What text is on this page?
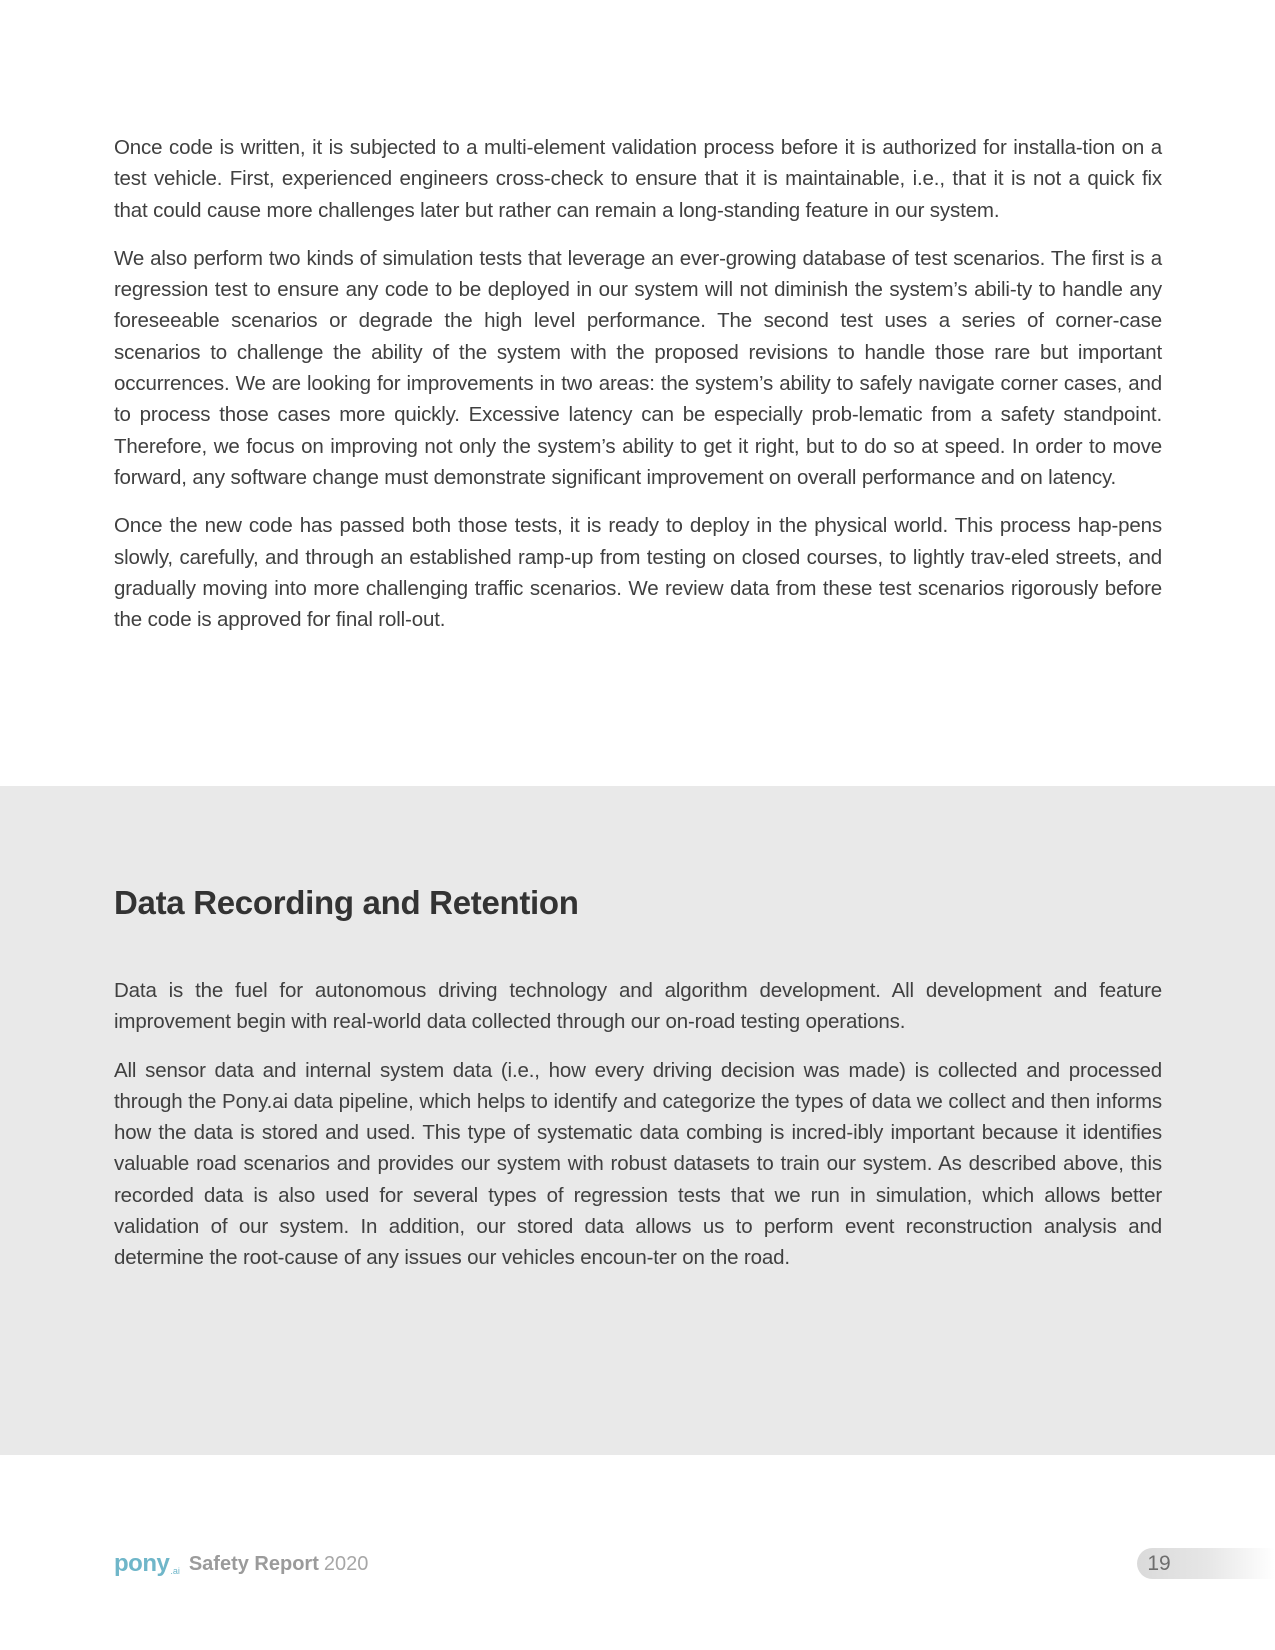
Once code is written, it is subjected to a multi-element validation process before it is authorized for installa-tion on a test vehicle. First, experienced engineers cross-check to ensure that it is maintainable, i.e., that it is not a quick fix that could cause more challenges later but rather can remain a long-standing feature in our system.

We also perform two kinds of simulation tests that leverage an ever-growing database of test scenarios. The first is a regression test to ensure any code to be deployed in our system will not diminish the system’s abili-ty to handle any foreseeable scenarios or degrade the high level performance. The second test uses a series of corner-case scenarios to challenge the ability of the system with the proposed revisions to handle those rare but important occurrences. We are looking for improvements in two areas: the system’s ability to safely navigate corner cases, and to process those cases more quickly. Excessive latency can be especially prob-lematic from a safety standpoint. Therefore, we focus on improving not only the system’s ability to get it right, but to do so at speed. In order to move forward, any software change must demonstrate significant improvement on overall performance and on latency.

Once the new code has passed both those tests, it is ready to deploy in the physical world. This process hap-pens slowly, carefully, and through an established ramp-up from testing on closed courses, to lightly trav-eled streets, and gradually moving into more challenging traffic scenarios. We review data from these test scenarios rigorously before the code is approved for final roll-out.

Data Recording and Retention

Data is the fuel for autonomous driving technology and algorithm development. All development and feature improvement begin with real-world data collected through our on-road testing operations.

All sensor data and internal system data (i.e., how every driving decision was made) is collected and processed through the Pony.ai data pipeline, which helps to identify and categorize the types of data we collect and then informs how the data is stored and used. This type of systematic data combing is incred-ibly important because it identifies valuable road scenarios and provides our system with robust datasets to train our system. As described above, this recorded data is also used for several types of regression tests that we run in simulation, which allows better validation of our system. In addition, our stored data allows us to perform event reconstruction analysis and determine the root-cause of any issues our vehicles encoun-ter on the road.

pony .ai Safety Report 2020	19
